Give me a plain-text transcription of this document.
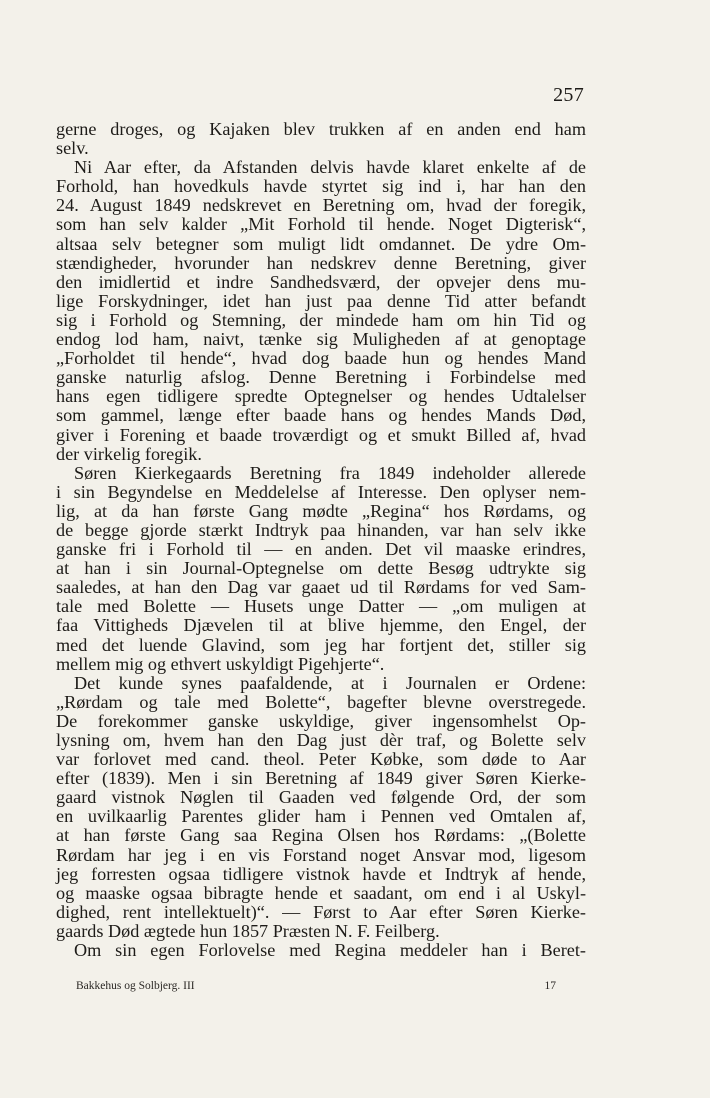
257
gerne droges, og Kajaken blev trukken af en anden end ham
selv.
Ni Aar efter, da Afstanden delvis havde klaret enkelte af de
Forhold, han hovedkuls havde styrtet sig ind i, har han den
24. August 1849 nedskrevet en Beretning om, hvad der foregik,
som han selv kalder „Mit Forhold til hende. Noget Digterisk“,
altsaa selv betegner som muligt lidt omdannet. De ydre Om-
stændigheder, hvorunder han nedskrev denne Beretning, giver
den imidlertid et indre Sandhedsværd, der opvejer dens mu-
lige Forskydninger, idet han just paa denne Tid atter befandt
sig i Forhold og Stemning, der mindede ham om hin Tid og
endog lod ham, naivt, tænke sig Muligheden af at genoptage
„Forholdet til hende“, hvad dog baade hun og hendes Mand
ganske naturlig afslog. Denne Beretning i Forbindelse med
hans egen tidligere spredte Optegnelser og hendes Udtalelser
som gammel, længe efter baade hans og hendes Mands Død,
giver i Forening et baade troværdigt og et smukt Billed af, hvad
der virkelig foregik.
Søren Kierkegaards Beretning fra 1849 indeholder allerede
i sin Begyndelse en Meddelelse af Interesse. Den oplyser nem-
lig, at da han første Gang mødte „Regina“ hos Rørdams, og
de begge gjorde stærkt Indtryk paa hinanden, var han selv ikke
ganske fri i Forhold til — en anden. Det vil maaske erindres,
at han i sin Journal-Optegnelse om dette Besøg udtrykte sig
saaledes, at han den Dag var gaaet ud til Rørdams for ved Sam-
tale med Bolette — Husets unge Datter — „om muligen at
faa Vittigheds Djævelen til at blive hjemme, den Engel, der
med det luende Glavind, som jeg har fortjent det, stiller sig
mellem mig og ethvert uskyldigt Pigehjerte“.
Det kunde synes paafaldende, at i Journalen er Ordene:
„Rørdam og tale med Bolette“, bagefter blevne overstregede.
De forekommer ganske uskyldige, giver ingensomhelst Op-
lysning om, hvem han den Dag just dèr traf, og Bolette selv
var forlovet med cand. theol. Peter Købke, som døde to Aar
efter (1839). Men i sin Beretning af 1849 giver Søren Kierke-
gaard vistnok Nøglen til Gaaden ved følgende Ord, der som
en uvilkaarlig Parentes glider ham i Pennen ved Omtalen af,
at han første Gang saa Regina Olsen hos Rørdams: „(Bolette
Rørdam har jeg i en vis Forstand noget Ansvar mod, ligesom
jeg forresten ogsaa tidligere vistnok havde et Indtryk af hende,
og maaske ogsaa bibragte hende et saadant, om end i al Uskyl-
dighed, rent intellektuelt)“. — Først to Aar efter Søren Kierke-
gaards Død ægtede hun 1857 Præsten N. F. Feilberg.
Om sin egen Forlovelse med Regina meddeler han i Beret-
Bakkehus og Solbjerg. III	17
